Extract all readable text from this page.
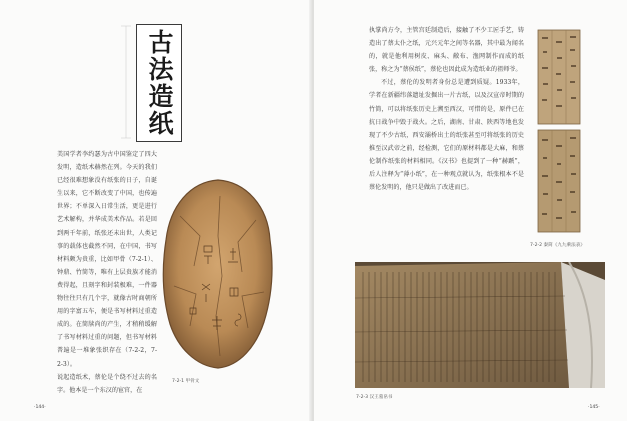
古法造纸

美国学者李约瑟为古中国鉴定了四大发明，造纸术赫然在列。今天的我们已经很难想象没有纸张的日子，自诞生以来，它不断改变了中国，也传遍世界；不单深入日常生活，更是进行艺术解构，并华成美术作品。若是回到两千年前，纸张还未出世，人类记事的载体也截然不同，在中国，书写材料颇为贵重，比如甲骨（7-2-1）、钟鼎、竹简等，唯有上层贵族才能消费得起，且刻字和封装极难，一件器物往往只有几个字，就像古时商朝所用的字富五车，便是书写材料过重造成的。在简牍尚的产生，才稍稍缓解了书写材料过重的问题，但书写材料普遍是一堆象张织存在（7-2-2，7-2-3）。
说起造纸术，蔡伦是个绕不过去的名字。他本是一个东汉的宦官，在

7-2-1 甲骨文
·144·

执掌尚方令，主管宫廷制造后，接触了不少工匠手艺，铸造出了蔡太仆之纸，元兴元年之间等名器，其中最为闻名的，就是他利用树皮、麻头、敝布、渔网制作而成的纸张，称之为“蔡侯纸”，蔡伦也因此成为造纸业的祖师爷。

不过，蔡伦的发明者身份总是遭到质疑。1933年，学者在新疆纬落遗址发掘出一片古纸，以及汉宣帝时期的竹简，可以将纸张历史上溯至西汉，可惜的是，原件已在抗日战争中毁于战火。之后，湖南、甘肃、陕西等地也发现了不少古纸，西安灞桥出土的纸张甚至可将纸张的历史推至汉武帝之前，经检测，它们的原材料都是大麻，和蔡伦制作纸张的材料相同。《汉书》也提到了一种“赫蹏”，后人注释为“薄小纸”，在一种观点就认为，纸张根本不是蔡伦发明的，他只是做出了改进而已。

7-2-2 秦简《九九乘法表》
7-2-3 汉王墓帛书
·145·
